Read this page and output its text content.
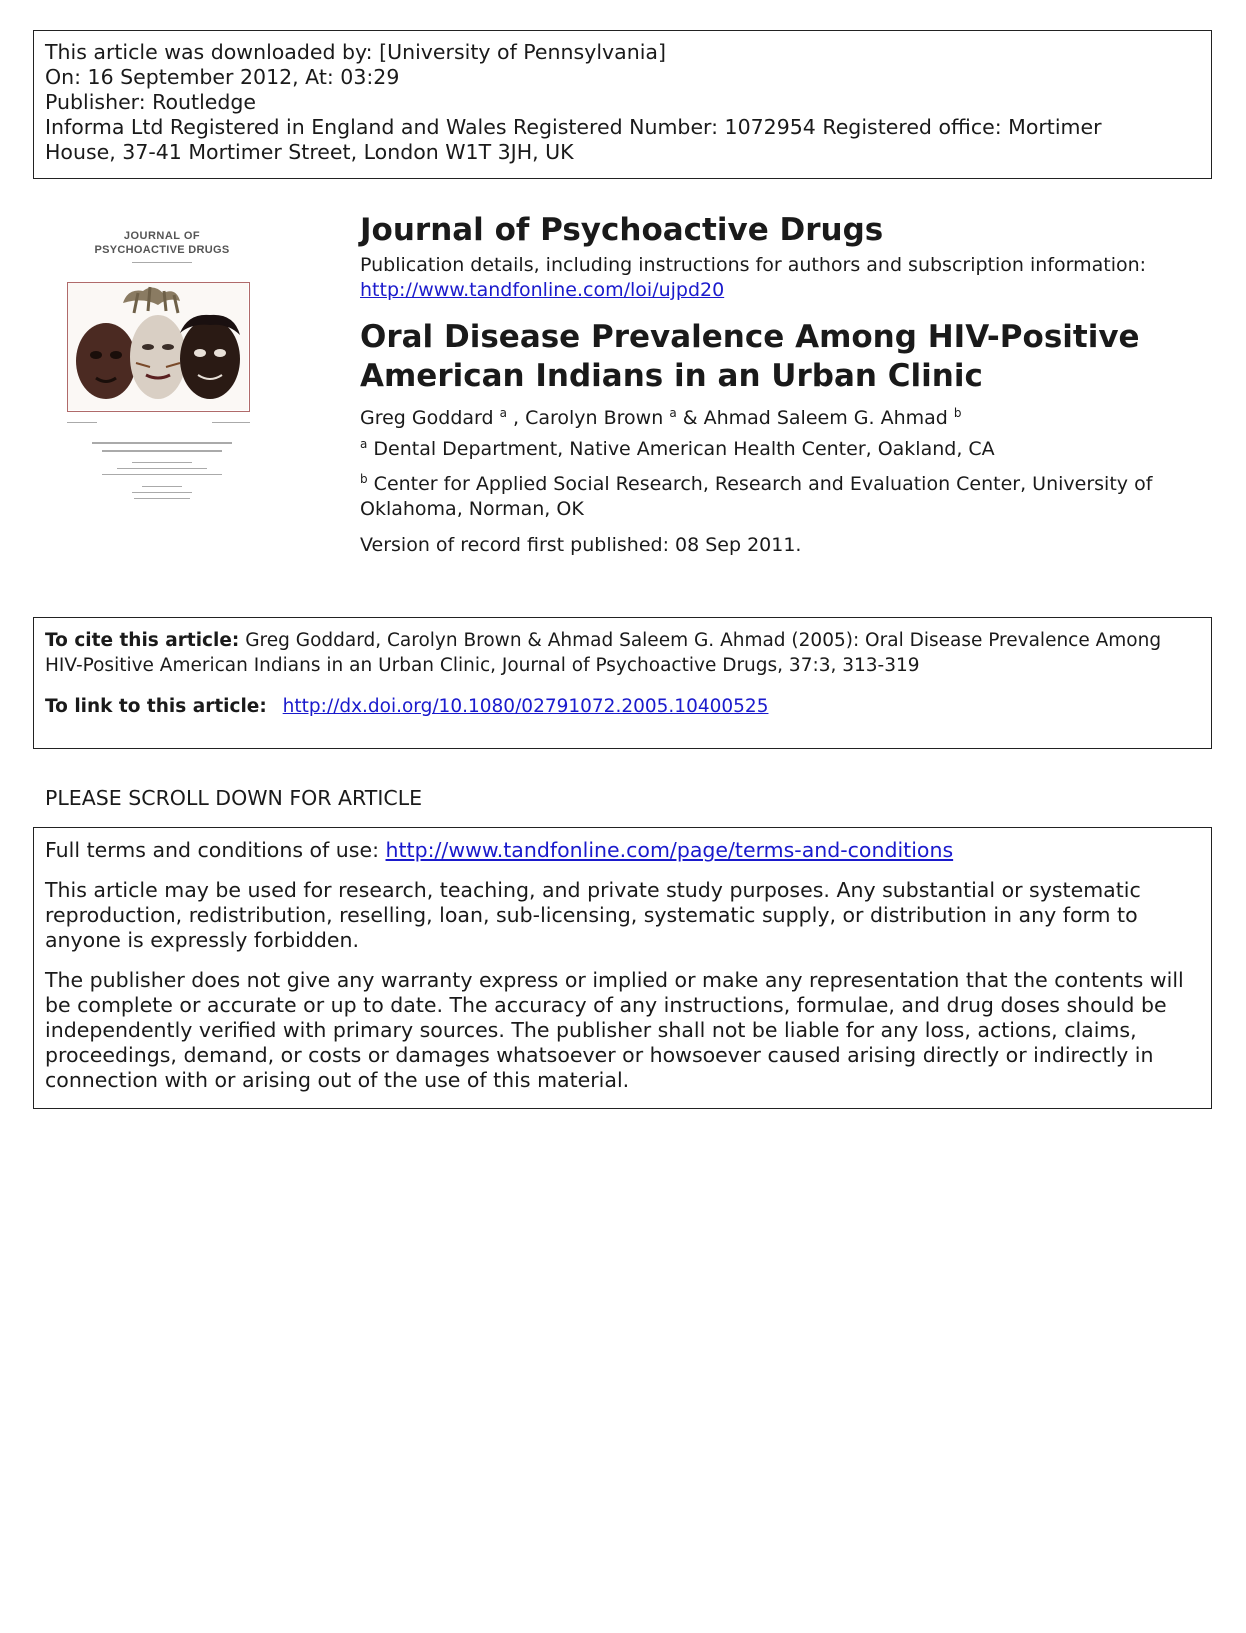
This article was downloaded by: [University of Pennsylvania]
On: 16 September 2012, At: 03:29
Publisher: Routledge
Informa Ltd Registered in England and Wales Registered Number: 1072954 Registered office: Mortimer
House, 37-41 Mortimer Street, London W1T 3JH, UK
JOURNAL OF
PSYCHOACTIVE DRUGS
Journal of Psychoactive Drugs
Publication details, including instructions for authors and subscription information:
http://www.tandfonline.com/loi/ujpd20
Oral Disease Prevalence Among HIV-Positive American Indians in an Urban Clinic
Greg Goddard $^a$ , Carolyn Brown $^a$ & Ahmad Saleem G. Ahmad $^b$
$^a$ Dental Department, Native American Health Center, Oakland, CA
$^b$ Center for Applied Social Research, Research and Evaluation Center, University of Oklahoma, Norman, OK
Version of record first published: 08 Sep 2011.
To cite this article: Greg Goddard, Carolyn Brown & Ahmad Saleem G. Ahmad (2005): Oral Disease Prevalence Among HIV-Positive American Indians in an Urban Clinic, Journal of Psychoactive Drugs, 37:3, 313-319
To link to this article: http://dx.doi.org/10.1080/02791072.2005.10400525
PLEASE SCROLL DOWN FOR ARTICLE

Full terms and conditions of use: http://www.tandfonline.com/page/terms-and-conditions

This article may be used for research, teaching, and private study purposes. Any substantial or systematic reproduction, redistribution, reselling, loan, sub-licensing, systematic supply, or distribution in any form to anyone is expressly forbidden.

The publisher does not give any warranty express or implied or make any representation that the contents will be complete or accurate or up to date. The accuracy of any instructions, formulae, and drug doses should be independently verified with primary sources. The publisher shall not be liable for any loss, actions, claims, proceedings, demand, or costs or damages whatsoever or howsoever caused arising directly or indirectly in connection with or arising out of the use of this material.
